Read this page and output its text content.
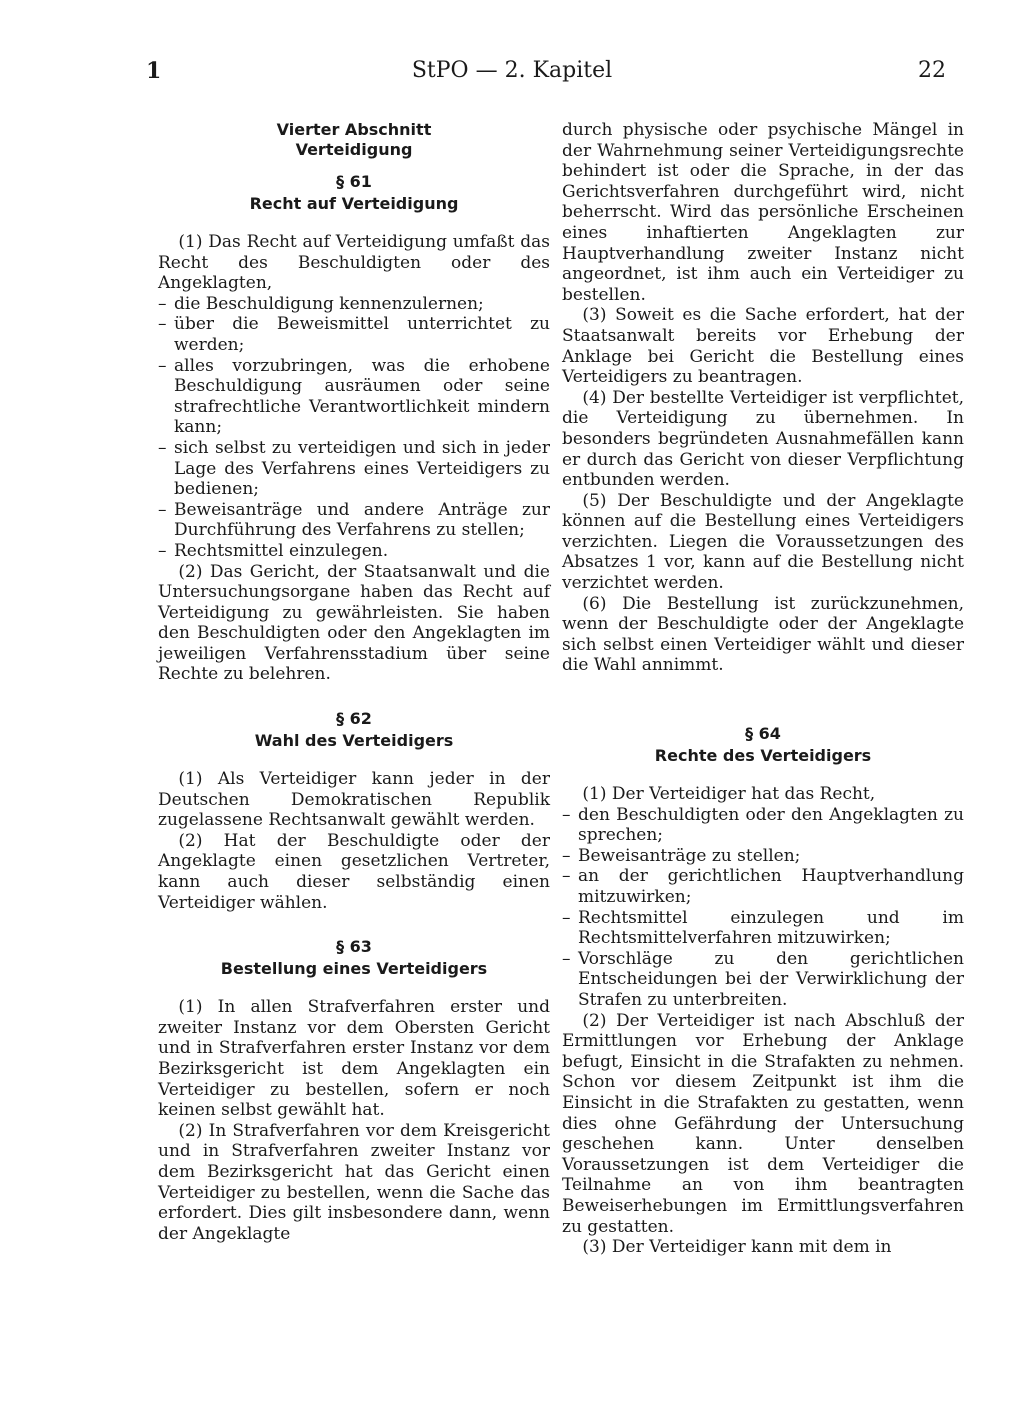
1	StPO — 2. Kapitel	22
Vierter Abschnitt
Verteidigung
§ 61
Recht auf Verteidigung

(1) Das Recht auf Verteidigung umfaßt das Recht des Beschuldigten oder des Angeklagten,

– die Beschuldigung kennenzulernen;
– über die Beweismittel unterrichtet zu werden;
– alles vorzubringen, was die erhobene Beschuldigung ausräumen oder seine strafrechtliche Verantwortlichkeit mindern kann;
– sich selbst zu verteidigen und sich in jeder Lage des Verfahrens eines Verteidigers zu bedienen;
– Beweisanträge und andere Anträge zur Durchführung des Verfahrens zu stellen;
– Rechtsmittel einzulegen.

(2) Das Gericht, der Staatsanwalt und die Untersuchungsorgane haben das Recht auf Verteidigung zu gewährleisten. Sie haben den Beschuldigten oder den Angeklagten im jeweiligen Verfahrensstadium über seine Rechte zu belehren.

§ 62
Wahl des Verteidigers

(1) Als Verteidiger kann jeder in der Deutschen Demokratischen Republik zugelassene Rechtsanwalt gewählt werden.

(2) Hat der Beschuldigte oder der Angeklagte einen gesetzlichen Vertreter, kann auch dieser selbständig einen Verteidiger wählen.

§ 63
Bestellung eines Verteidigers

(1) In allen Strafverfahren erster und zweiter Instanz vor dem Obersten Gericht und in Strafverfahren erster Instanz vor dem Bezirksgericht ist dem Angeklagten ein Verteidiger zu bestellen, sofern er noch keinen selbst gewählt hat.

(2) In Strafverfahren vor dem Kreisgericht und in Strafverfahren zweiter Instanz vor dem Bezirksgericht hat das Gericht einen Verteidiger zu bestellen, wenn die Sache das erfordert. Dies gilt insbesondere dann, wenn der Angeklagte

durch physische oder psychische Mängel in der Wahrnehmung seiner Verteidigungsrechte behindert ist oder die Sprache, in der das Gerichtsverfahren durchgeführt wird, nicht beherrscht. Wird das persönliche Erscheinen eines inhaftierten Angeklagten zur Hauptverhandlung zweiter Instanz nicht angeordnet, ist ihm auch ein Verteidiger zu bestellen.

(3) Soweit es die Sache erfordert, hat der Staatsanwalt bereits vor Erhebung der Anklage bei Gericht die Bestellung eines Verteidigers zu beantragen.

(4) Der bestellte Verteidiger ist verpflichtet, die Verteidigung zu übernehmen. In besonders begründeten Ausnahmefällen kann er durch das Gericht von dieser Verpflichtung entbunden werden.

(5) Der Beschuldigte und der Angeklagte können auf die Bestellung eines Verteidigers verzichten. Liegen die Voraussetzungen des Absatzes 1 vor, kann auf die Bestellung nicht verzichtet werden.

(6) Die Bestellung ist zurückzunehmen, wenn der Beschuldigte oder der Angeklagte sich selbst einen Verteidiger wählt und dieser die Wahl annimmt.

§ 64
Rechte des Verteidigers

(1) Der Verteidiger hat das Recht,

– den Beschuldigten oder den Angeklagten zu sprechen;
– Beweisanträge zu stellen;
– an der gerichtlichen Hauptverhandlung mitzuwirken;
– Rechtsmittel einzulegen und im Rechtsmittelverfahren mitzuwirken;
– Vorschläge zu den gerichtlichen Entscheidungen bei der Verwirklichung der Strafen zu unterbreiten.

(2) Der Verteidiger ist nach Abschluß der Ermittlungen vor Erhebung der Anklage befugt, Einsicht in die Strafakten zu nehmen. Schon vor diesem Zeitpunkt ist ihm die Einsicht in die Strafakten zu gestatten, wenn dies ohne Gefährdung der Untersuchung geschehen kann. Unter denselben Voraussetzungen ist dem Verteidiger die Teilnahme an von ihm beantragten Beweiserhebungen im Ermittlungsverfahren zu gestatten.

(3) Der Verteidiger kann mit dem in
